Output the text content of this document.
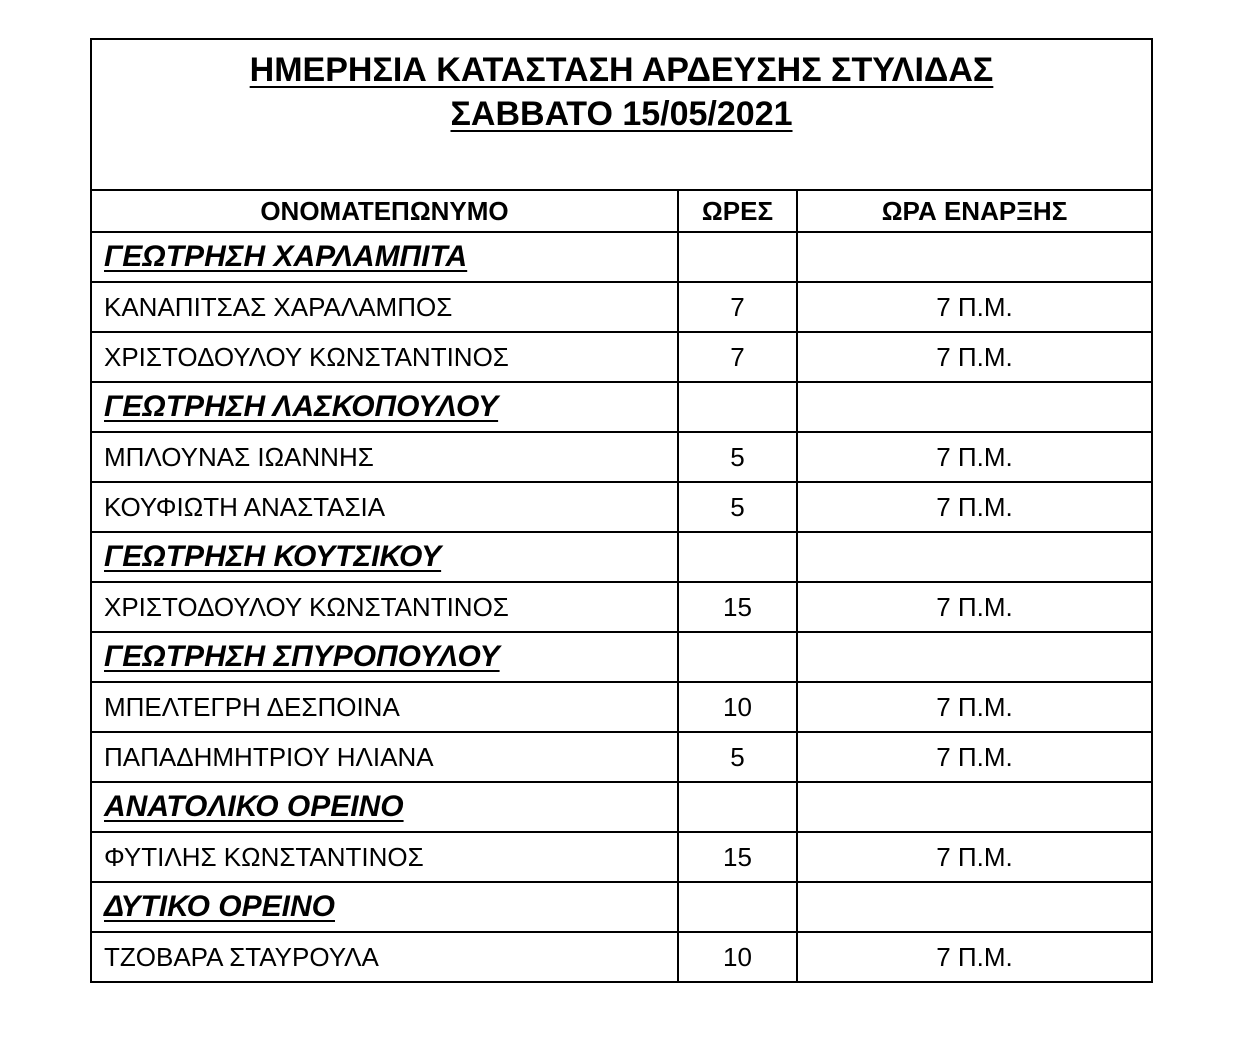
ΗΜΕΡΗΣΙΑ ΚΑΤΑΣΤΑΣΗ ΑΡΔΕΥΣΗΣ ΣΤΥΛΙΔΑΣ
ΣΑΒΒΑΤΟ 15/05/2021		

ΟΝΟΜΑΤΕΠΩΝΥΜΟ	ΩΡΕΣ	ΩΡΑ ΕΝΑΡΞΗΣ
ΓΕΩΤΡΗΣΗ ΧΑΡΛΑΜΠΙΤΑ		
ΚΑΝΑΠΙΤΣΑΣ ΧΑΡΑΛΑΜΠΟΣ	7	7 Π.Μ.
ΧΡΙΣΤΟΔΟΥΛΟΥ ΚΩΝΣΤΑΝΤΙΝΟΣ	7	7 Π.Μ.
ΓΕΩΤΡΗΣΗ ΛΑΣΚΟΠΟΥΛΟΥ		
ΜΠΛΟΥΝΑΣ ΙΩΑΝΝΗΣ	5	7 Π.Μ.
ΚΟΥΦΙΩΤΗ ΑΝΑΣΤΑΣΙΑ	5	7 Π.Μ.
ΓΕΩΤΡΗΣΗ ΚΟΥΤΣΙΚΟΥ		
ΧΡΙΣΤΟΔΟΥΛΟΥ ΚΩΝΣΤΑΝΤΙΝΟΣ	15	7 Π.Μ.
ΓΕΩΤΡΗΣΗ ΣΠΥΡΟΠΟΥΛΟΥ		
ΜΠΕΛΤΕΓΡΗ ΔΕΣΠΟΙΝΑ	10	7 Π.Μ.
ΠΑΠΑΔΗΜΗΤΡΙΟΥ ΗΛΙΑΝΑ	5	7 Π.Μ.
ΑΝΑΤΟΛΙΚΟ ΟΡΕΙΝΟ		
ΦΥΤΙΛΗΣ ΚΩΝΣΤΑΝΤΙΝΟΣ	15	7 Π.Μ.
ΔΥΤΙΚΟ ΟΡΕΙΝΟ		
ΤΖΟΒΑΡΑ ΣΤΑΥΡΟΥΛΑ	10	7 Π.Μ.
